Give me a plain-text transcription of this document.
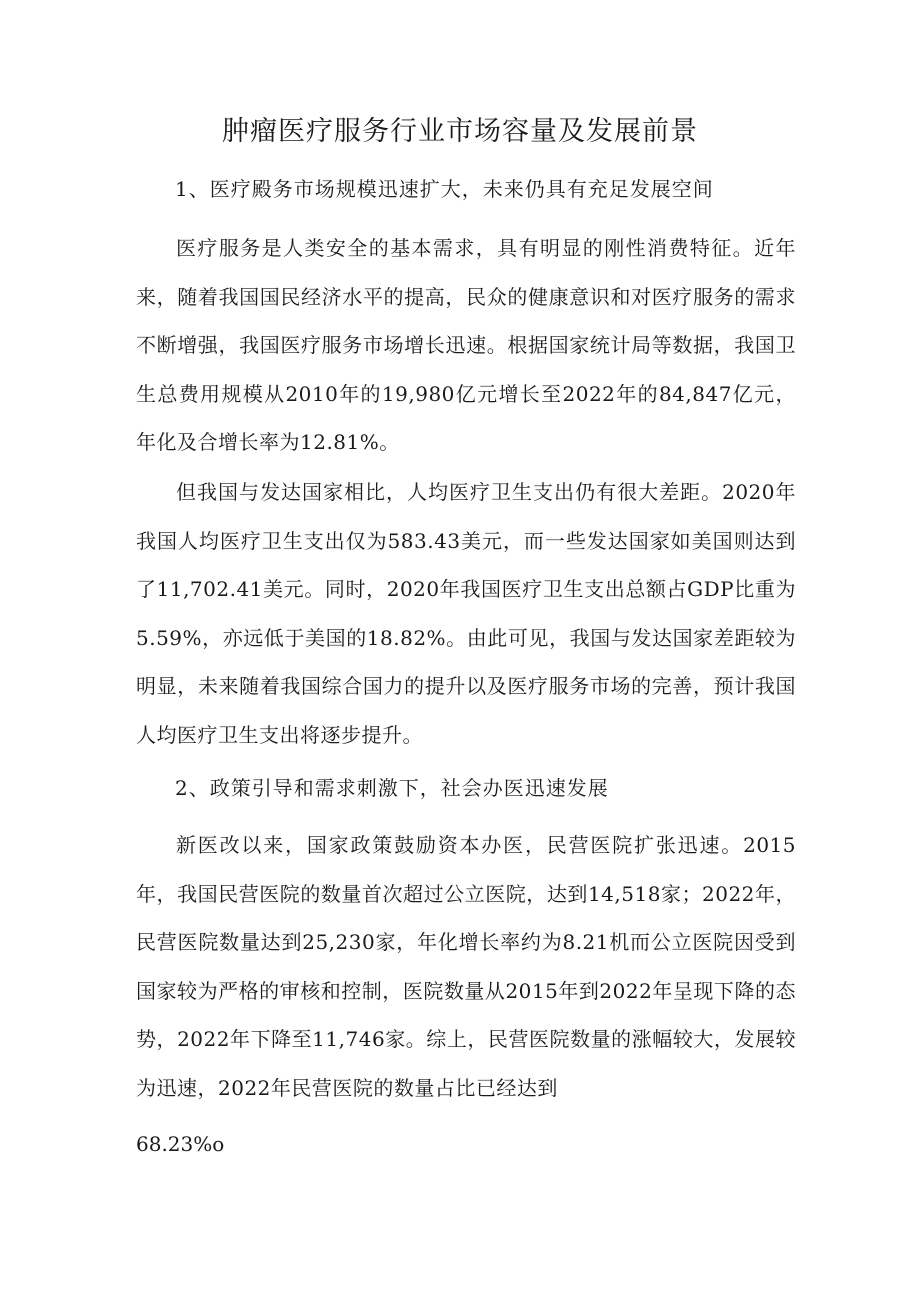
肿瘤医疗服务行业市场容量及发展前景
1、医疗殿务市场规模迅速扩大，未来仍具有充足发展空间

医疗服务是人类安全的基本需求，具有明显的刚性消费特征。近年来，随着我国国民经济水平的提高，民众的健康意识和对医疗服务的需求不断增强，我国医疗服务市场增长迅速。根据国家统计局等数据，我国卫生总费用规模从2010年的19,980亿元增长至2022年的84,847亿元，年化及合增长率为12.81%。

但我国与发达国家相比，人均医疗卫生支出仍有很大差距。2020年我国人均医疗卫生支出仅为583.43美元，而一些发达国家如美国则达到了11,702.41美元。同时，2020年我国医疗卫生支出总额占GDP比重为5.59%，亦远低于美国的18.82%。由此可见，我国与发达国家差距较为明显，未来随着我国综合国力的提升以及医疗服务市场的完善，预计我国人均医疗卫生支出将逐步提升。

2、政策引导和需求刺激下，社会办医迅速发展

新医改以来，国家政策鼓励资本办医，民营医院扩张迅速。2015年，我国民营医院的数量首次超过公立医院，达到14,518家；2022年，民营医院数量达到25,230家，年化增长率约为8.21机而公立医院因受到国家较为严格的审核和控制，医院数量从2015年到2022年呈现下降的态势，2022年下降至11,746家。综上，民营医院数量的涨幅较大，发展较为迅速，2022年民营医院的数量占比已经达到

68.23%o
